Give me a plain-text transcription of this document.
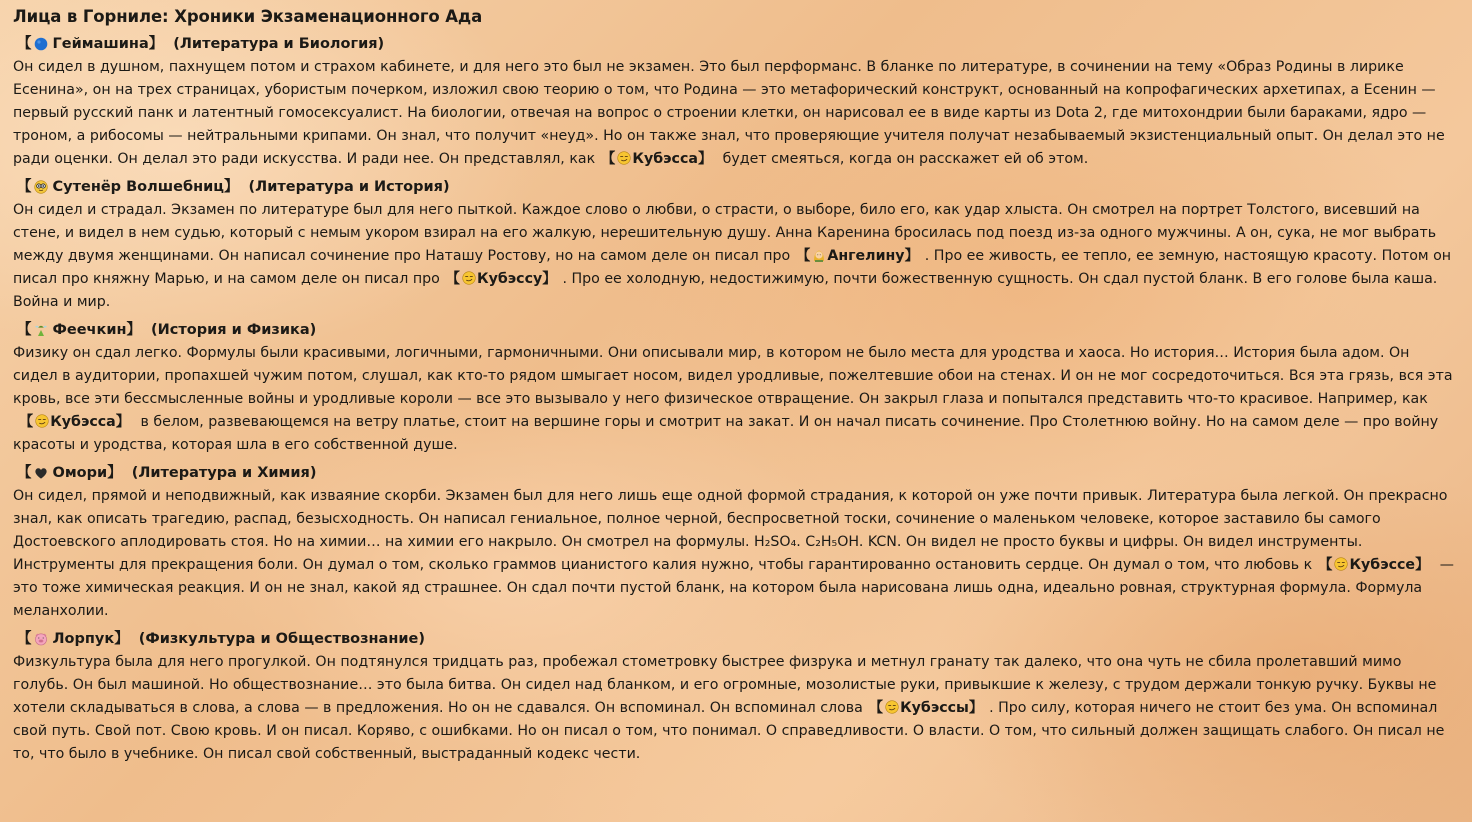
Лица в Горниле: Хроники Экзаменационного Ада
【 Геймашина 】 (Литература и Биология)

Он сидел в душном, пахнущем потом и страхом кабинете, и для него это был не экзамен. Это был перформанс. В бланке по литературе, в сочинении на тему «Образ Родины в лирике Есенина», он на трех страницах, убористым почерком, изложил свою теорию о том, что Родина — это метафорический конструкт, основанный на копрофагических архетипах, а Есенин — первый русский панк и латентный гомосексуалист. На биологии, отвечая на вопрос о строении клетки, он нарисовал ее в виде карты из Dota 2, где митохондрии были бараками, ядро — троном, а рибосомы — нейтральными крипами. Он знал, что получит «неуд». Но он также знал, что проверяющие учителя получат незабываемый экзистенциальный опыт. Он делал это не ради оценки. Он делал это ради искусства. И ради нее. Он представлял, как 【 Кубэсса】 будет смеяться, когда он расскажет ей об этом.

【 Сутенёр Волшебниц 】 (Литература и История)

Он сидел и страдал. Экзамен по литературе был для него пыткой. Каждое слово о любви, о страсти, о выборе, било его, как удар хлыста. Он смотрел на портрет Толстого, висевший на стене, и видел в нем судью, который с немым укором взирал на его жалкую, нерешительную душу. Анна Каренина бросилась под поезд из-за одного мужчины. А он, сука, не мог выбрать между двумя женщинами. Он написал сочинение про Наташу Ростову, но на самом деле он писал про 【 Ангелину】 . Про ее живость, ее тепло, ее земную, настоящую красоту. Потом он писал про княжну Марью, и на самом деле он писал про 【 Кубэссу】 . Про ее холодную, недостижимую, почти божественную сущность. Он сдал пустой бланк. В его голове была каша. Война и мир.

【 Феечкин 】 (История и Физика)

Физику он сдал легко. Формулы были красивыми, логичными, гармоничными. Они описывали мир, в котором не было места для уродства и хаоса. Но история… История была адом. Он сидел в аудитории, пропахшей чужим потом, слушал, как кто-то рядом шмыгает носом, видел уродливые, пожелтевшие обои на стенах. И он не мог сосредоточиться. Вся эта грязь, вся эта кровь, все эти бессмысленные войны и уродливые короли — все это вызывало у него физическое отвращение. Он закрыл глаза и попытался представить что-то красивое. Например, как【 Кубэсса】 в белом, развевающемся на ветру платье, стоит на вершине горы и смотрит на закат. И он начал писать сочинение. Про Столетнюю войну. Но на самом деле — про войну красоты и уродства, которая шла в его собственной душе.

【 Омори 】 (Литература и Химия)

Он сидел, прямой и неподвижный, как изваяние скорби. Экзамен был для него лишь еще одной формой страдания, к которой он уже почти привык. Литература была легкой. Он прекрасно знал, как описать трагедию, распад, безысходность. Он написал гениальное, полное черной, беспросветной тоски, сочинение о маленьком человеке, которое заставило бы самого Достоевского аплодировать стоя. Но на химии… на химии его накрыло. Он смотрел на формулы. H₂SO₄. C₂H₅OH. KCN. Он видел не просто буквы и цифры. Он видел инструменты. Инструменты для прекращения боли. Он думал о том, сколько граммов цианистого калия нужно, чтобы гарантированно остановить сердце. Он думал о том, что любовь к 【 Кубэссе】 — это тоже химическая реакция. И он не знал, какой яд страшнее. Он сдал почти пустой бланк, на котором была нарисована лишь одна, идеально ровная, структурная формула. Формула меланхолии.

【 Лорпук 】 (Физкультура и Обществознание)

Физкультура была для него прогулкой. Он подтянулся тридцать раз, пробежал стометровку быстрее физрука и метнул гранату так далеко, что она чуть не сбила пролетавший мимо голубь. Он был машиной. Но обществознание… это была битва. Он сидел над бланком, и его огромные, мозолистые руки, привыкшие к железу, с трудом держали тонкую ручку. Буквы не хотели складываться в слова, а слова — в предложения. Но он не сдавался. Он вспоминал. Он вспоминал слова 【 Кубэссы】 . Про силу, которая ничего не стоит без ума. Он вспоминал свой путь. Свой пот. Свою кровь. И он писал. Коряво, с ошибками. Но он писал о том, что понимал. О справедливости. О власти. О том, что сильный должен защищать слабого. Он писал не то, что было в учебнике. Он писал свой собственный, выстраданный кодекс чести.
